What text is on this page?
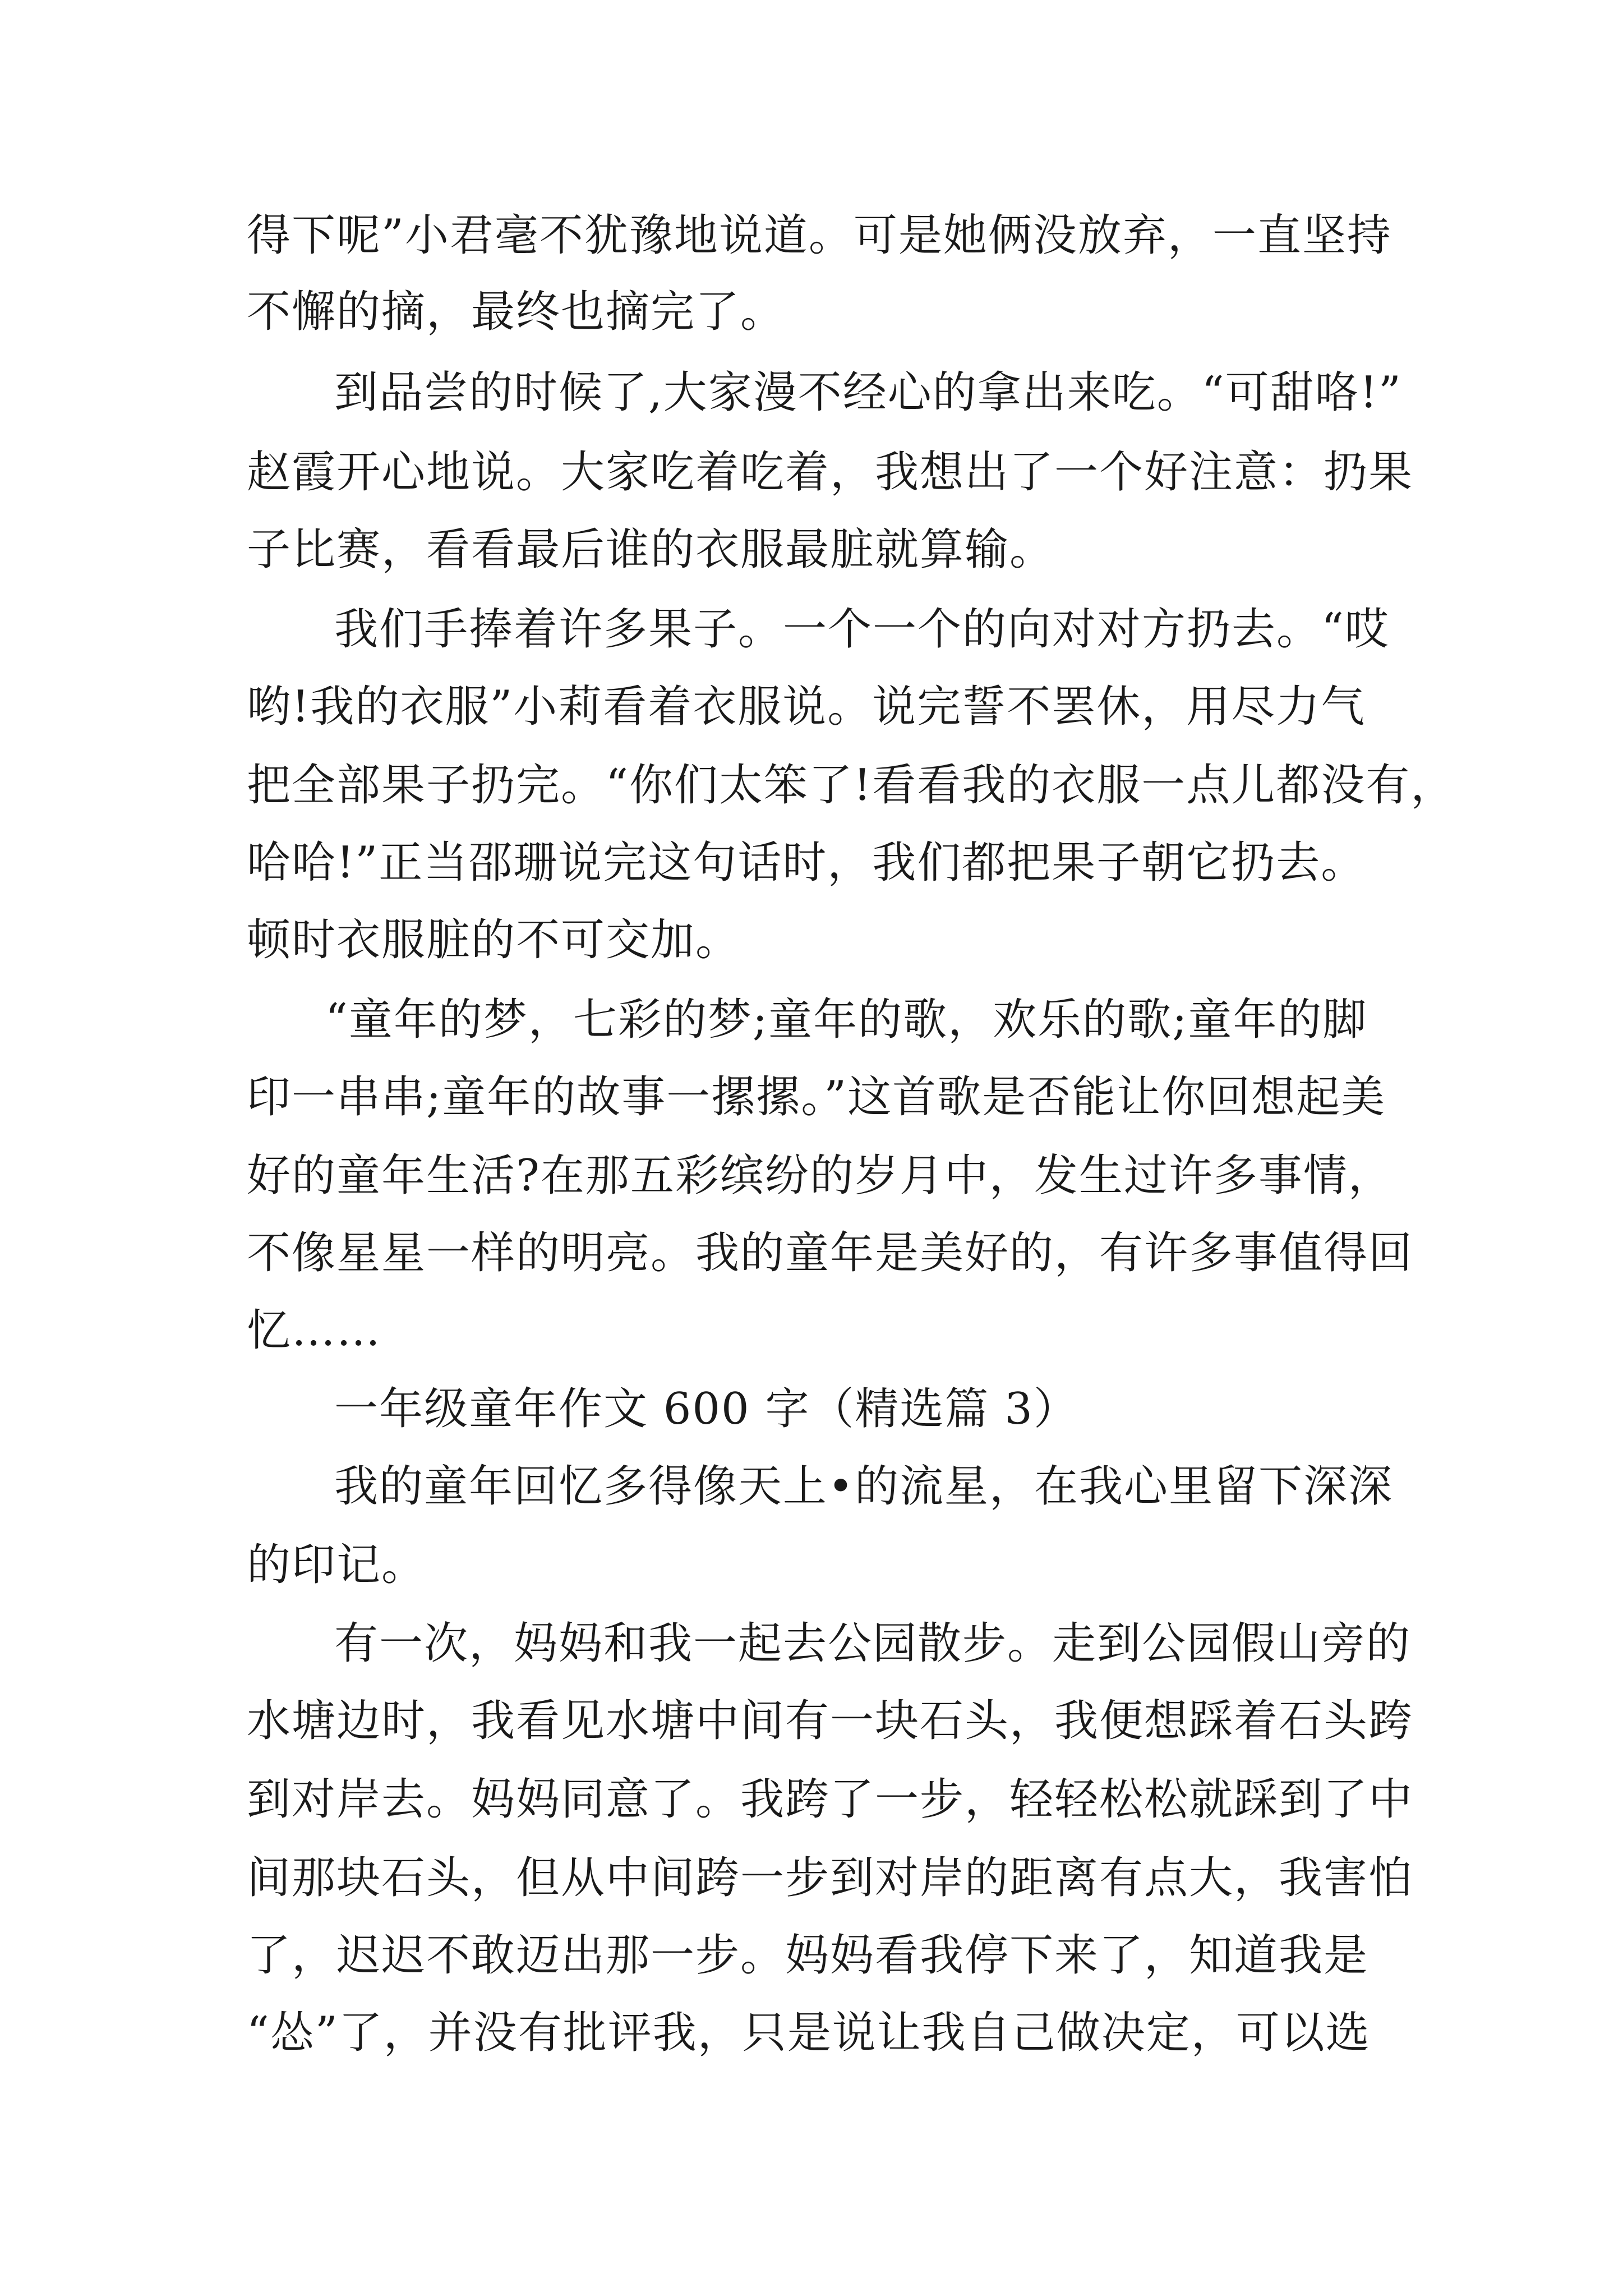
得下呢”小君毫不犹豫地说道。可是她俩没放弃，一直坚持

不懈的摘，最终也摘完了。

到品尝的时候了,大家漫不经心的拿出来吃。“可甜咯!”

赵霞开心地说。大家吃着吃着，我想出了一个好注意：扔果

子比赛，看看最后谁的衣服最脏就算输。

我们手捧着许多果子。一个一个的向对对方扔去。“哎

哟!我的衣服”小莉看着衣服说。说完誓不罢休，用尽力气

把全部果子扔完。“你们太笨了!看看我的衣服一点儿都没有，

哈哈!”正当邵珊说完这句话时，我们都把果子朝它扔去。

顿时衣服脏的不可交加。

“童年的梦，七彩的梦;童年的歌，欢乐的歌;童年的脚

印一串串;童年的故事一摞摞。”这首歌是否能让你回想起美

好的童年生活?在那五彩缤纷的岁月中，发生过许多事情，

不像星星一样的明亮。我的童年是美好的，有许多事值得回

忆……

一年级童年作文 600 字（精选篇 3）

我的童年回忆多得像天上•的流星，在我心里留下深深

的印记。

有一次，妈妈和我一起去公园散步。走到公园假山旁的

水塘边时，我看见水塘中间有一块石头，我便想踩着石头跨

到对岸去。妈妈同意了。我跨了一步，轻轻松松就踩到了中

间那块石头，但从中间跨一步到对岸的距离有点大，我害怕

了，迟迟不敢迈出那一步。妈妈看我停下来了，知道我是

“怂”了，并没有批评我，只是说让我自己做决定，可以选
